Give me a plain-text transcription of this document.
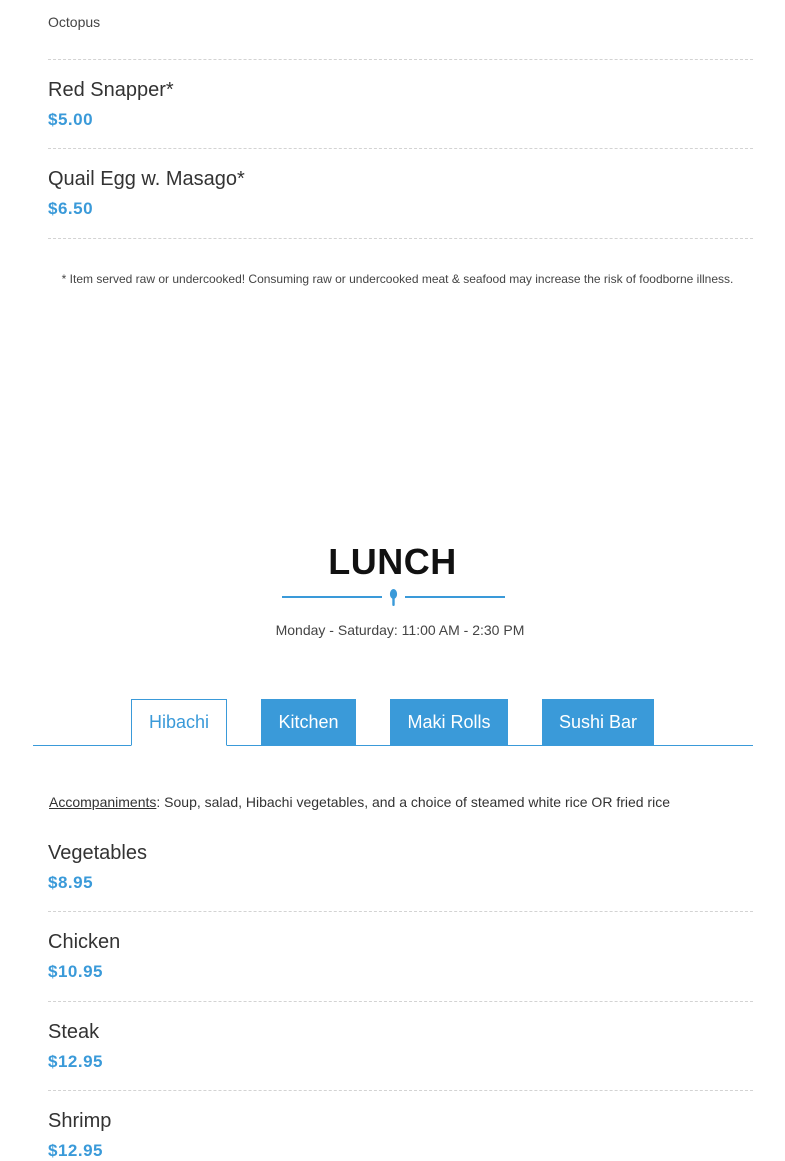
Octopus
Red Snapper*
$5.00
Quail Egg w. Masago*
$6.50
* Item served raw or undercooked! Consuming raw or undercooked meat & seafood may increase the risk of foodborne illness.
LUNCH
Monday - Saturday: 11:00 AM - 2:30 PM
Hibachi	Kitchen	Maki Rolls	Sushi Bar
Accompaniments: Soup, salad, Hibachi vegetables, and a choice of steamed white rice OR fried rice
Vegetables
$8.95
Chicken
$10.95
Steak
$12.95
Shrimp
$12.95
